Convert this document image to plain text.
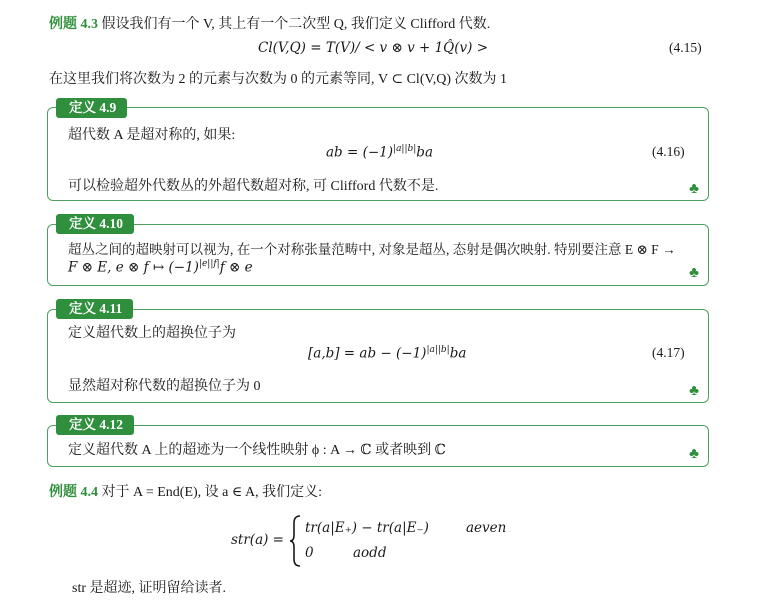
例题 4.3 假设我们有一个 V, 其上有一个二次型 Q, 我们定义 Clifford 代数.
Cl(V,Q) = T(V)/ < v ⊗ v + 1Q̂(v) >	(4.15)
在这里我们将次数为 2 的元素与次数为 0 的元素等同, V ⊂ Cl(V,Q) 次数为 1
♣
定义 4.9
超代数 A 是超对称的, 如果:
ab = $(-1)^{|a||b|}ba$	(4.16)
可以检验超外代数丛的外超代数超对称, 可 Clifford 代数不是.
♣
定义 4.10
超丛之间的超映射可以视为, 在一个对称张量范畴中, 对象是超丛, 态射是偶次映射. 特别要注意 E ⊗ F →
F ⊗ E, e ⊗ f ↦ $(-1)^{|e||f|}f$ ⊗ e
♣
定义 4.11
定义超代数上的超换位子为
[a,b] = ab − $(-1)^{|a||b|}ba$	(4.17)
显然超对称代数的超换位子为 0
♣
定义 4.12
定义超代数 A 上的超迹为一个线性映射 ϕ : A → ℂ 或者映到 ℂ
例题 4.4 对于 A = End(E), 设 a ∈ A, 我们定义:
str(a) =
tr(a|E₊) − tr(a|E₋)	aeven
0	aodd
str 是超迹, 证明留给读者.
